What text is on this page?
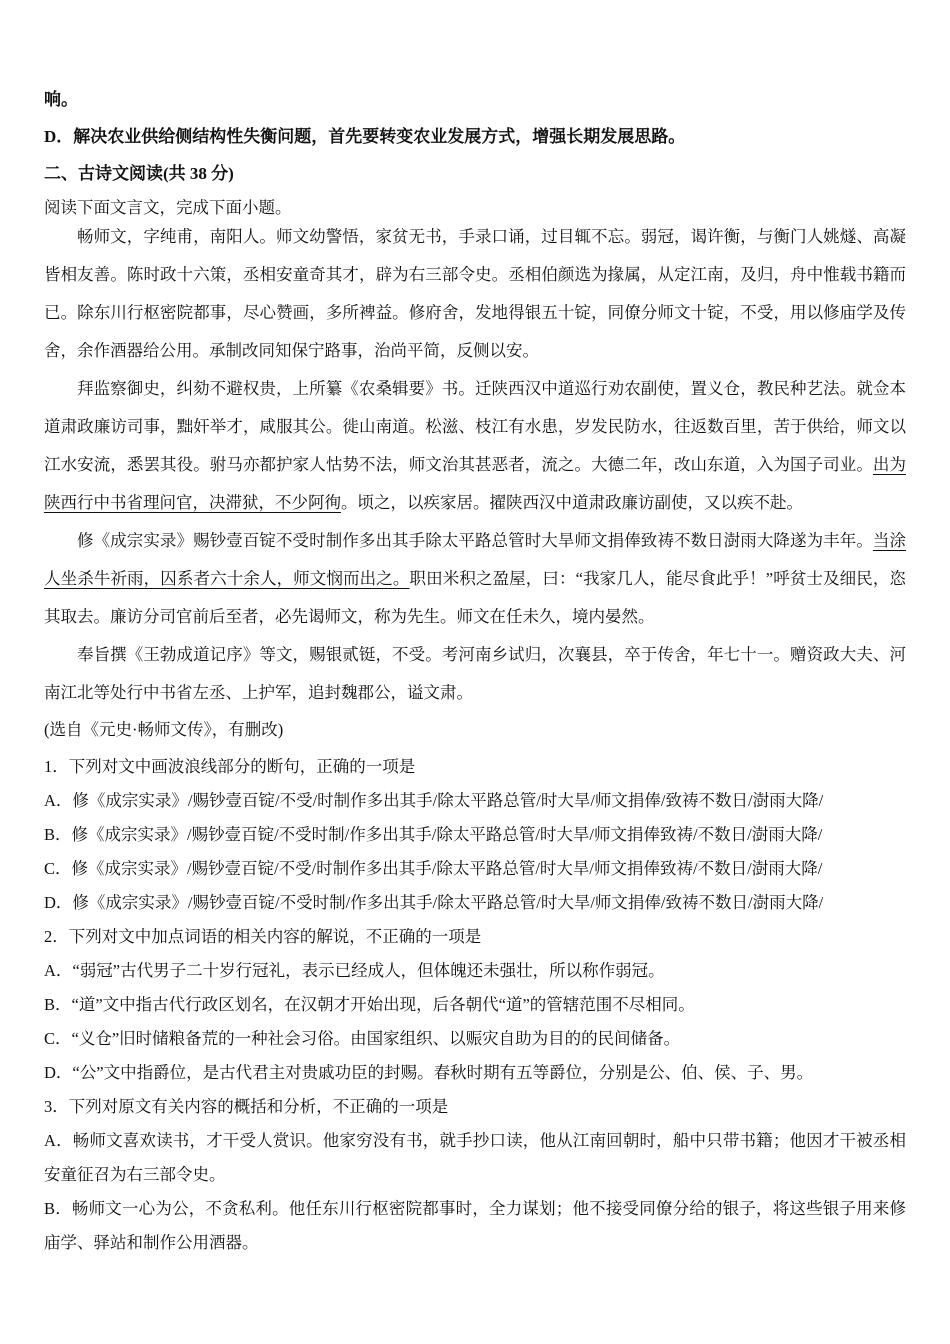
响。

D．解决农业供给侧结构性失衡问题，首先要转变农业发展方式，增强长期发展思路。

二、古诗文阅读(共 38 分)

阅读下面文言文，完成下面小题。

畅师文，字纯甫，南阳人。师文幼警悟，家贫无书，手录口诵，过目辄不忘。弱冠，谒许衡，与衡门人姚燧、高凝皆相友善。陈时政十六策，丞相安童奇其才，辟为右三部令史。丞相伯颜选为掾属，从定江南，及归，舟中惟载书籍而已。除东川行枢密院都事，尽心赞画，多所裨益。修府舍，发地得银五十锭，同僚分师文十锭，不受，用以修庙学及传舍，余作酒器给公用。承制改同知保宁路事，治尚平简，反侧以安。

拜监察御史，纠劾不避权贵，上所纂《农桑辑要》书。迁陕西汉中道巡行劝农副使，置义仓，教民种艺法。就佥本道肃政廉访司事，黜奸举才，咸服其公。徙山南道。松滋、枝江有水患，岁发民防水，往返数百里，苦于供给，师文以江水安流，悉罢其役。驸马亦都护家人怙势不法，师文治其甚恶者，流之。大德二年，改山东道，入为国子司业。出为陕西行中书省理问官，决滞狱，不少阿徇。顷之，以疾家居。擢陕西汉中道肃政廉访副使，又以疾不赴。

修《成宗实录》赐钞壹百锭不受时制作多出其手除太平路总管时大旱师文捐俸致祷不数日澍雨大降遂为丰年。当涂人坐杀牛祈雨，囚系者六十余人，师文悯而出之。职田米积之盈屋，曰：“我家几人，能尽食此乎！”呼贫士及细民，恣其取去。廉访分司官前后至者，必先谒师文，称为先生。师文在任未久，境内晏然。

奉旨撰《王勃成道记序》等文，赐银贰铤，不受。考河南乡试归，次襄县，卒于传舍，年七十一。赠资政大夫、河南江北等处行中书省左丞、上护军，追封魏郡公，谥文肃。

(选自《元史·畅师文传》，有删改)

1．下列对文中画波浪线部分的断句，正确的一项是

A．修《成宗实录》/赐钞壹百锭/不受/时制作多出其手/除太平路总管/时大旱/师文捐俸/致祷不数日/澍雨大降/

B．修《成宗实录》/赐钞壹百锭/不受时制/作多出其手/除太平路总管/时大旱/师文捐俸致祷/不数日/澍雨大降/

C．修《成宗实录》/赐钞壹百锭/不受/时制作多出其手/除太平路总管/时大旱/师文捐俸致祷/不数日/澍雨大降/

D．修《成宗实录》/赐钞壹百锭/不受时制/作多出其手/除太平路总管/时大旱/师文捐俸/致祷不数日/澍雨大降/

2．下列对文中加点词语的相关内容的解说，不正确的一项是

A．“弱冠”古代男子二十岁行冠礼，表示已经成人，但体魄还未强壮，所以称作弱冠。

B．“道”文中指古代行政区划名，在汉朝才开始出现，后各朝代“道”的管辖范围不尽相同。

C．“义仓”旧时储粮备荒的一种社会习俗。由国家组织、以赈灾自助为目的的民间储备。

D．“公”文中指爵位，是古代君主对贵戚功臣的封赐。春秋时期有五等爵位，分别是公、伯、侯、子、男。

3．下列对原文有关内容的概括和分析，不正确的一项是

A．畅师文喜欢读书，才干受人赏识。他家穷没有书，就手抄口读，他从江南回朝时，船中只带书籍；他因才干被丞相安童征召为右三部令史。

B．畅师文一心为公，不贪私利。他任东川行枢密院都事时，全力谋划；他不接受同僚分给的银子，将这些银子用来修庙学、驿站和制作公用酒器。
